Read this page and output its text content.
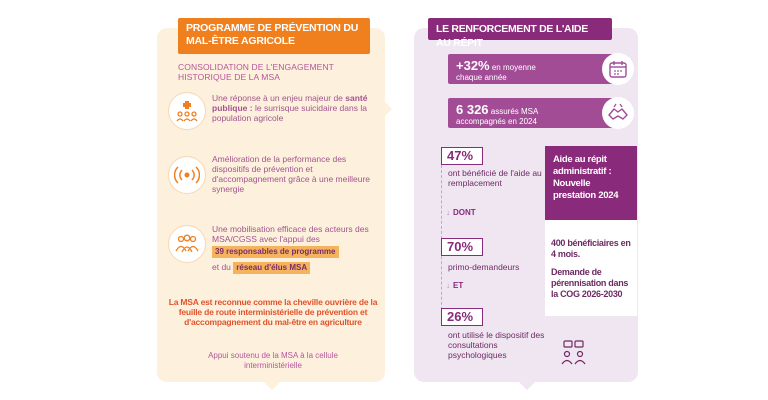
PROGRAMME DE PRÉVENTION DU MAL-ÊTRE AGRICOLE
CONSOLIDATION DE L'ENGAGEMENT HISTORIQUE DE LA MSA
Une réponse à un enjeu majeur de santé publique : le surrisque suicidaire dans la population agricole
Amélioration de la performance des dispositifs de prévention et d'accompagnement grâce à une meilleure synergie
Une mobilisation efficace des acteurs des MSA/CGSS avec l'appui des
39 responsables de programme
et du réseau d'élus MSA
La MSA est reconnue comme la cheville ouvrière de la feuille de route interministérielle de prévention et d'accompagnement du mal-être en agriculture
Appui soutenu de la MSA à la cellule interministérielle
LE RENFORCEMENT DE L'AIDE AU RÉPIT
+32% en moyenne
chaque année
6 326 assurés MSA
accompagnés en 2024
47%
ont bénéficié de l'aide au remplacement
↓ DONT
70%
primo-demandeurs
↓ ET
26%
ont utilisé le dispositif des consultations psychologiques
Aide au répit administratif : Nouvelle prestation 2024

400 bénéficiaires en 4 mois.

Demande de pérennisation dans la COG 2026-2030
